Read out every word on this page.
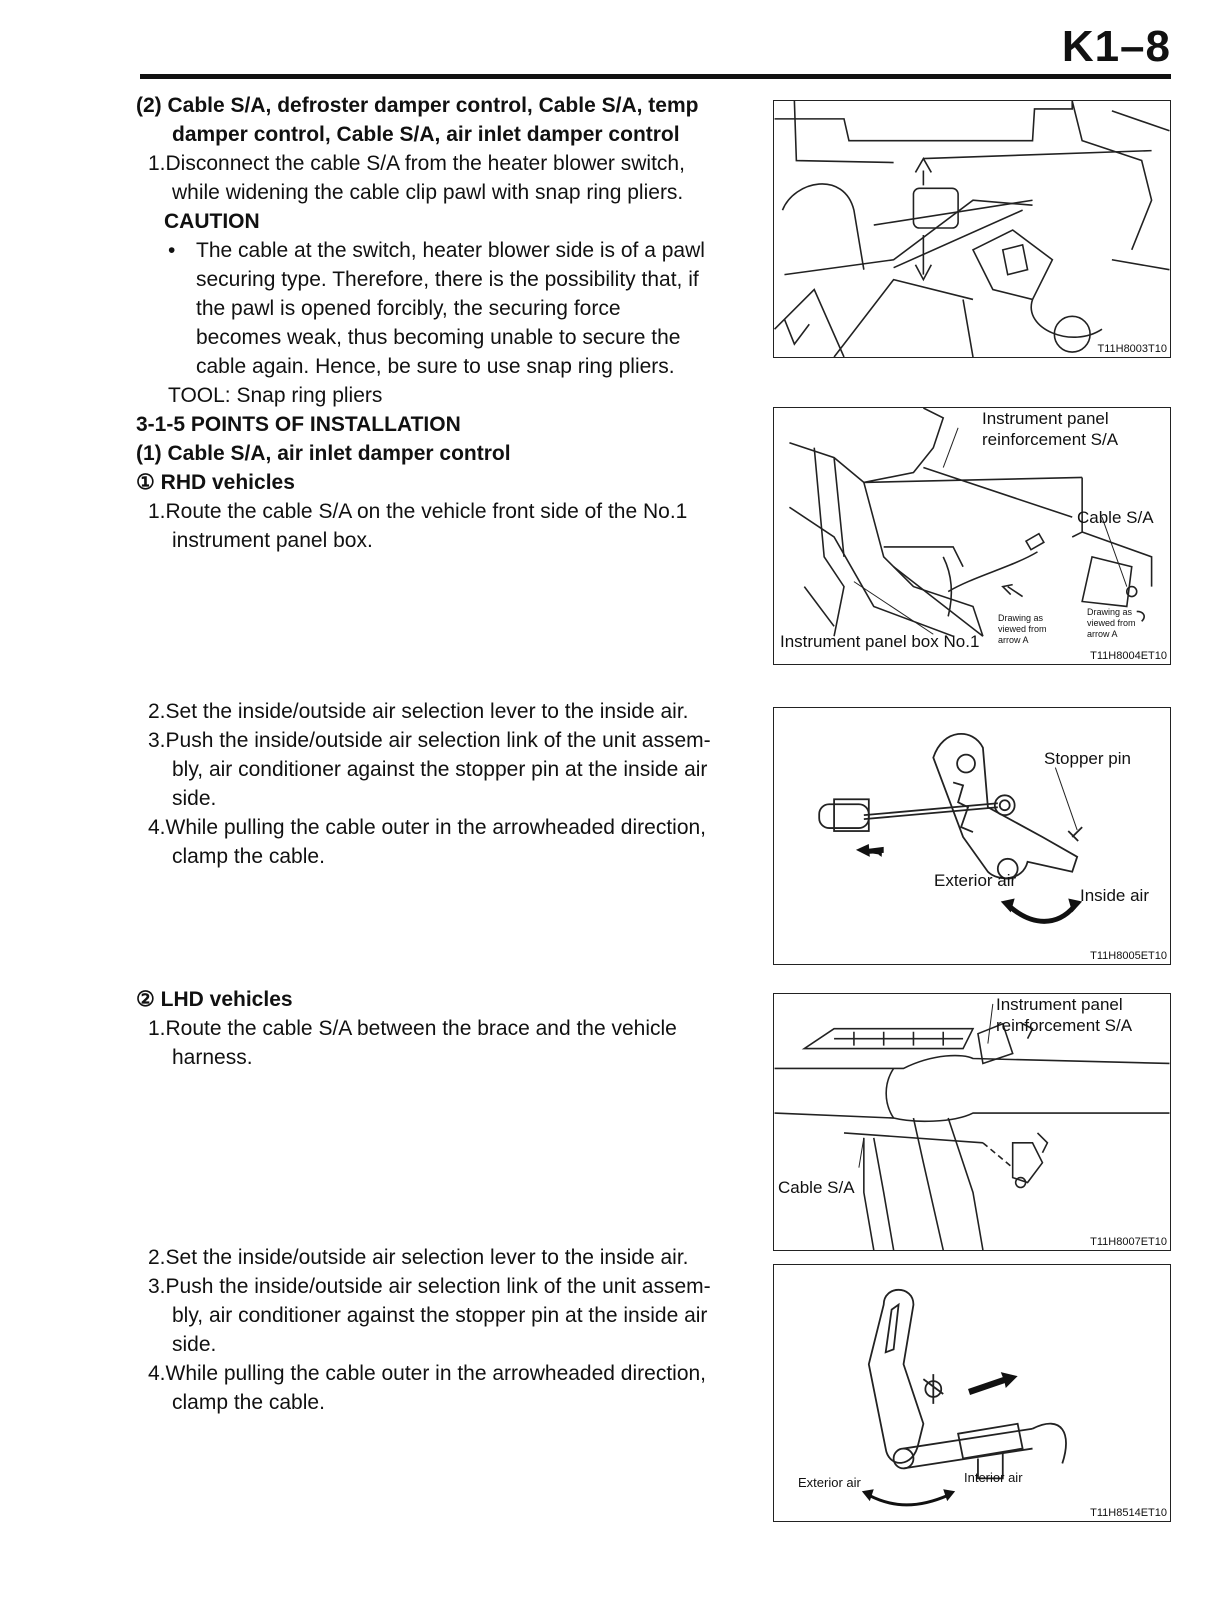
K1–8
(2) Cable S/A, defroster damper control, Cable S/A, temp
damper control, Cable S/A, air inlet damper control
1.Disconnect the cable S/A from the heater blower switch,
while widening the cable clip pawl with snap ring pliers.
CAUTION
• The cable at the switch, heater blower side is of a pawl
securing type. Therefore, there is the possibility that, if
the pawl is opened forcibly, the securing force
becomes weak, thus becoming unable to secure the
cable again. Hence, be sure to use snap ring pliers.
TOOL: Snap ring pliers
3-1-5 POINTS OF INSTALLATION
(1) Cable S/A, air inlet damper control
① RHD vehicles
1.Route the cable S/A on the vehicle front side of the No.1
instrument panel box.
2.Set the inside/outside air selection lever to the inside air.
3.Push the inside/outside air selection link of the unit assem-
bly, air conditioner against the stopper pin at the inside air
side.
4.While pulling the cable outer in the arrowheaded direction,
clamp the cable.
② LHD vehicles
1.Route the cable S/A between the brace and the vehicle
harness.
2.Set the inside/outside air selection lever to the inside air.
3.Push the inside/outside air selection link of the unit assem-
bly, air conditioner against the stopper pin at the inside air
side.
4.While pulling the cable outer in the arrowheaded direction,
clamp the cable.
T11H8003T10
Instrument panel
reinforcement S/A
Cable S/A
Instrument panel box No.1
Drawing as
viewed from
arrow A
Drawing as
viewed from
arrow A
T11H8004ET10
Stopper pin
Exterior air
Inside air
T11H8005ET10
Instrument panel
reinforcement S/A
Cable S/A
T11H8007ET10
Exterior air	Interior air
T11H8514ET10
